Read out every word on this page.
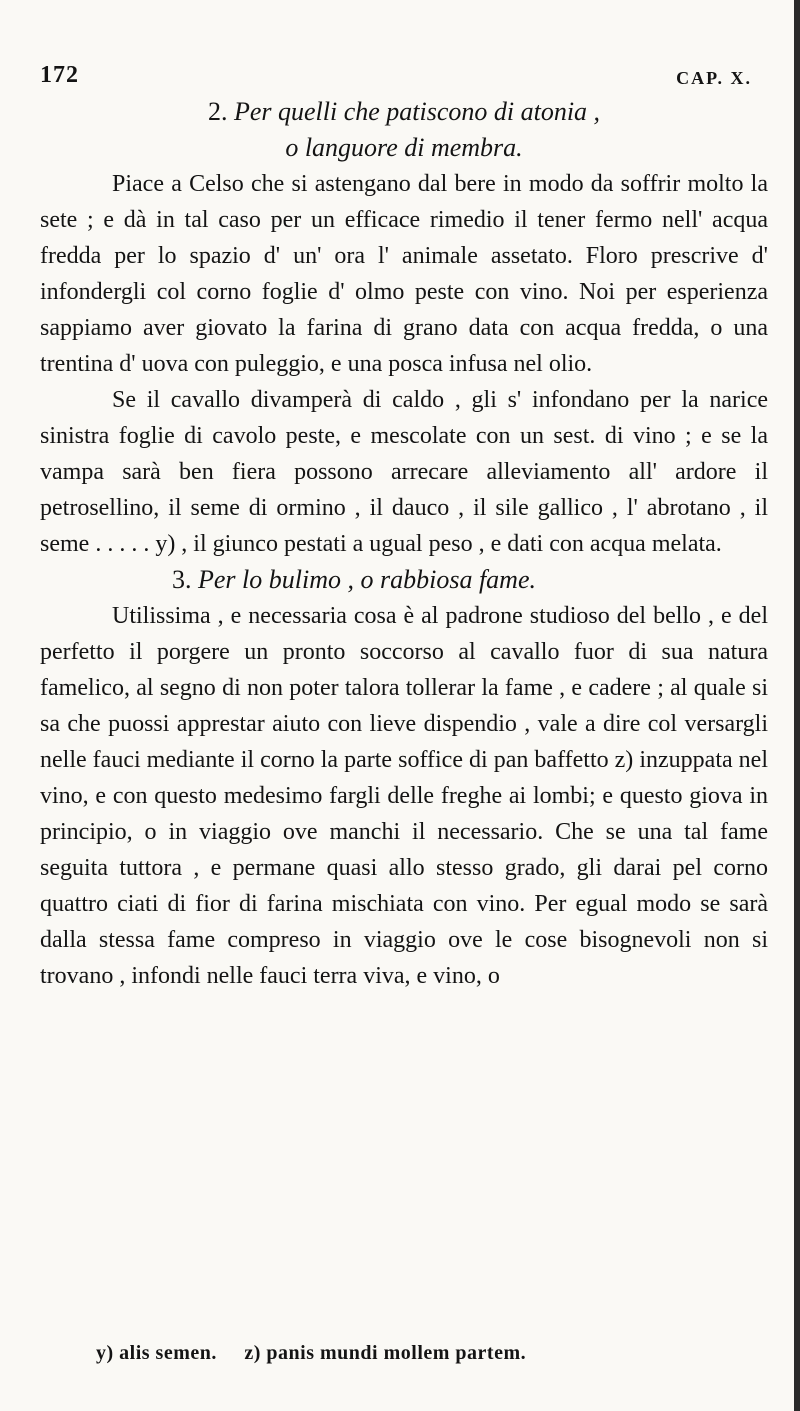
172	CAP. X.

2. Per quelli che patiscono di atonia ,

o languore di membra.

Piace a Celso che si astengano dal bere in modo da soffrir molto la sete ; e dà in tal caso per un efficace rimedio il tener fermo nell' acqua fredda per lo spazio d' un' ora l' animale assetato. Floro prescrive d' infondergli col corno foglie d' olmo peste con vino. Noi per esperienza sappiamo aver giovato la farina di grano data con acqua fredda, o una trentina d' uova con puleggio, e una posca infusa nel olio.

Se il cavallo divamperà di caldo , gli s' infondano per la narice sinistra foglie di cavolo peste, e mescolate con un sest. di vino ; e se la vampa sarà ben fiera possono arrecare alleviamento all' ardore il petrosellino, il seme di ormino , il dauco , il sile gallico , l' abrotano , il seme . . . . . y) , il giunco pestati a ugual peso , e dati con acqua melata.

3. Per lo bulimo , o rabbiosa fame.

Utilissima , e necessaria cosa è al padrone studioso del bello , e del perfetto il porgere un pronto soccorso al cavallo fuor di sua natura famelico, al segno di non poter talora tollerar la fame , e cadere ; al quale si sa che puossi apprestar aiuto con lieve dispendio , vale a dire col versargli nelle fauci mediante il corno la parte soffice di pan baffetto z) inzuppata nel vino, e con questo medesimo fargli delle freghe ai lombi; e questo giova in principio, o in viaggio ove manchi il necessario. Che se una tal fame seguita tuttora , e permane quasi allo stesso grado, gli darai pel corno quattro ciati di fior di farina mischiata con vino. Per egual modo se sarà dalla stessa fame compreso in viaggio ove le cose bisognevoli non si trovano , infondi nelle fauci terra viva, e vino, o

y) alis semen. z) panis mundi mollem partem.
